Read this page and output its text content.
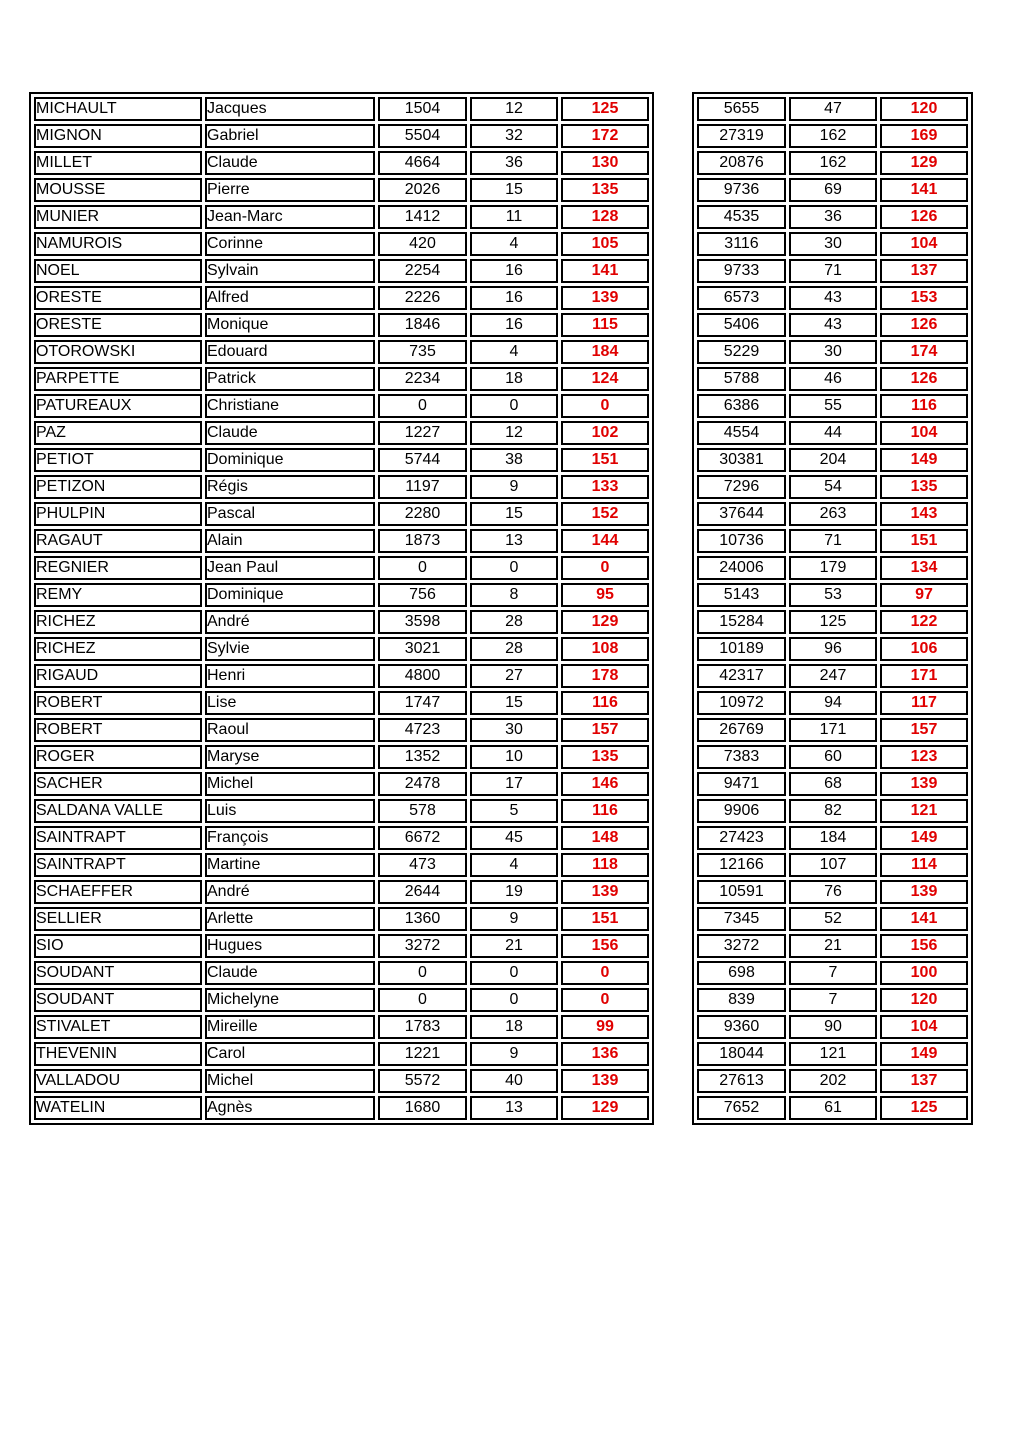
MICHAULT	Jacques	1504	12	125
MIGNON	Gabriel	5504	32	172
MILLET	Claude	4664	36	130
MOUSSE	Pierre	2026	15	135
MUNIER	Jean-Marc	1412	11	128
NAMUROIS	Corinne	420	4	105
NOEL	Sylvain	2254	16	141
ORESTE	Alfred	2226	16	139
ORESTE	Monique	1846	16	115
OTOROWSKI	Edouard	735	4	184
PARPETTE	Patrick	2234	18	124
PATUREAUX	Christiane	0	0	0
PAZ	Claude	1227	12	102
PETIOT	Dominique	5744	38	151
PETIZON	Régis	1197	9	133
PHULPIN	Pascal	2280	15	152
RAGAUT	Alain	1873	13	144
REGNIER	Jean Paul	0	0	0
REMY	Dominique	756	8	95
RICHEZ	André	3598	28	129
RICHEZ	Sylvie	3021	28	108
RIGAUD	Henri	4800	27	178
ROBERT	Lise	1747	15	116
ROBERT	Raoul	4723	30	157
ROGER	Maryse	1352	10	135
SACHER	Michel	2478	17	146
SALDANA VALLE	Luis	578	5	116
SAINTRAPT	François	6672	45	148
SAINTRAPT	Martine	473	4	118
SCHAEFFER	André	2644	19	139
SELLIER	Arlette	1360	9	151
SIO	Hugues	3272	21	156
SOUDANT	Claude	0	0	0
SOUDANT	Michelyne	0	0	0
STIVALET	Mireille	1783	18	99
THEVENIN	Carol	1221	9	136
VALLADOU	Michel	5572	40	139
WATELIN	Agnès	1680	13	129
5655	47	120
27319	162	169
20876	162	129
9736	69	141
4535	36	126
3116	30	104
9733	71	137
6573	43	153
5406	43	126
5229	30	174
5788	46	126
6386	55	116
4554	44	104
30381	204	149
7296	54	135
37644	263	143
10736	71	151
24006	179	134
5143	53	97
15284	125	122
10189	96	106
42317	247	171
10972	94	117
26769	171	157
7383	60	123
9471	68	139
9906	82	121
27423	184	149
12166	107	114
10591	76	139
7345	52	141
3272	21	156
698	7	100
839	7	120
9360	90	104
18044	121	149
27613	202	137
7652	61	125
